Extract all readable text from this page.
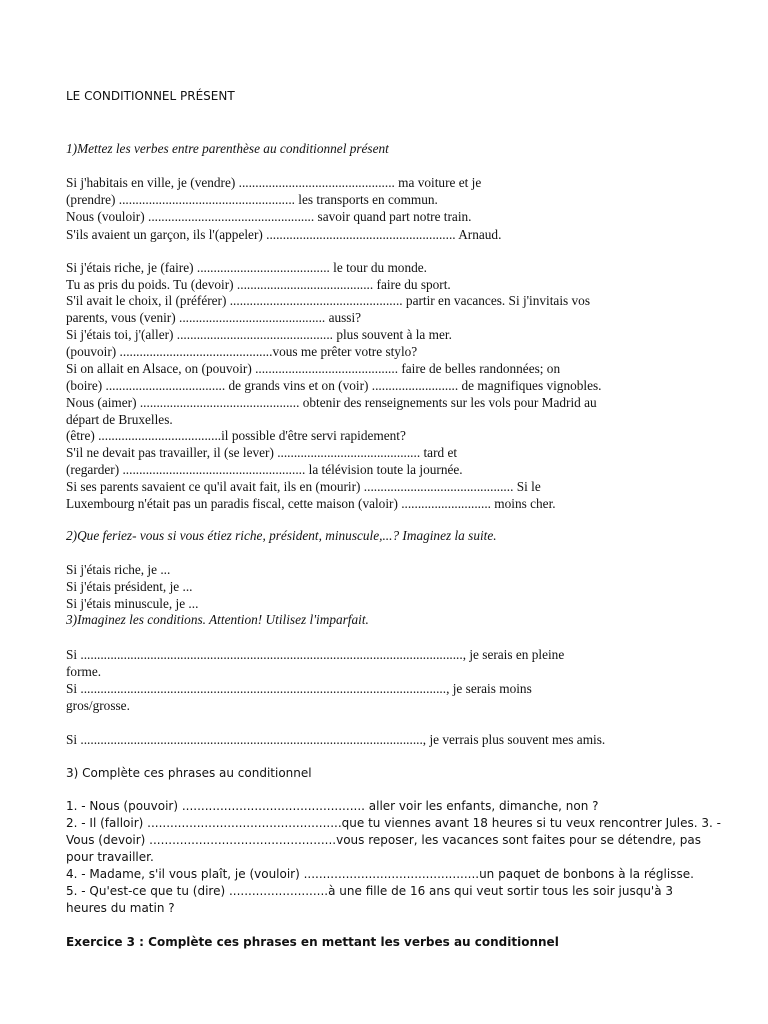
LE CONDITIONNEL PRÉSENT
1)Mettez les verbes entre parenthèse au conditionnel présent
Si j'habitais en ville, je (vendre) ............................................... ma voiture et je
(prendre) ..................................................... les transports en commun.
Nous (vouloir) .................................................. savoir quand part notre train.
S'ils avaient un garçon, ils l'(appeler) ......................................................... Arnaud.
Si j'étais riche, je (faire) ........................................ le tour du monde.
Tu as pris du poids. Tu (devoir) ......................................... faire du sport.
S'il avait le choix, il (préférer) .................................................... partir en vacances. Si j'invitais vos
parents, vous (venir) ............................................ aussi?
Si j'étais toi, j'(aller) ............................................... plus souvent à la mer.
(pouvoir) ..............................................vous me prêter votre stylo?
Si on allait en Alsace, on (pouvoir) ........................................... faire de belles randonnées; on
(boire) .................................... de grands vins et on (voir) .......................... de magnifiques vignobles.
Nous (aimer) ................................................ obtenir des renseignements sur les vols pour Madrid au
départ de Bruxelles.
(être) .....................................il possible d'être servi rapidement?
S'il ne devait pas travailler, il (se lever) ........................................... tard et
(regarder) ....................................................... la télévision toute la journée.
Si ses parents savaient ce qu'il avait fait, ils en (mourir) ............................................. Si le
Luxembourg n'était pas un paradis fiscal, cette maison (valoir) ........................... moins cher.
2)Que feriez- vous si vous étiez riche, président, minuscule,...? Imaginez la suite.
Si j'étais riche, je ...
Si j'étais président, je ...
Si j'étais minuscule, je ...
3)Imaginez les conditions. Attention! Utilisez l'imparfait.
Si ..................................................................................................................., je serais en pleine
forme.
Si .............................................................................................................., je serais moins
gros/grosse.
Si ......................................................................................................., je verrais plus souvent mes amis.
3) Complète ces phrases au conditionnel
1. - Nous (pouvoir) ................................................ aller voir les enfants, dimanche, non ?
2. - Il (falloir) ...................................................que tu viennes avant 18 heures si tu veux rencontrer Jules. 3. -
Vous (devoir) .................................................vous reposer, les vacances sont faites pour se détendre, pas
pour travailler.
4. - Madame, s'il vous plaît, je (vouloir) ..............................................un paquet de bonbons à la réglisse.
5. - Qu'est-ce que tu (dire) ..........................à une fille de 16 ans qui veut sortir tous les soir jusqu'à 3
heures du matin ?
Exercice 3 : Complète ces phrases en mettant les verbes au conditionnel
